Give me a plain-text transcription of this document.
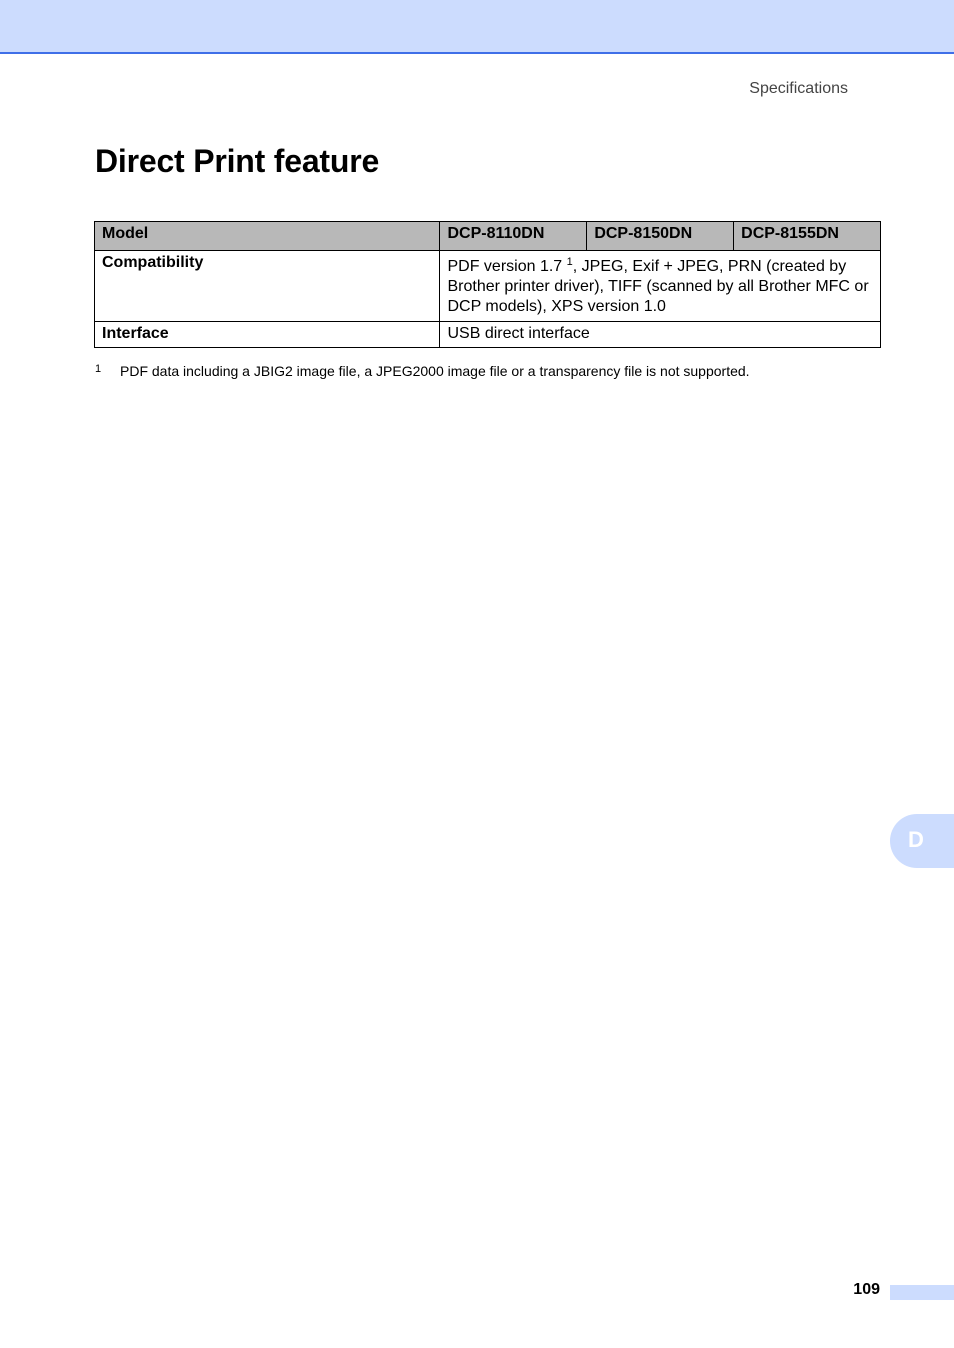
Specifications
Direct Print feature
Model	DCP-8110DN	DCP-8150DN	DCP-8155DN
Compatibility	PDF version 1.7 $^1$, JPEG, Exif + JPEG, PRN (created by Brother printer driver), TIFF (scanned by all Brother MFC or DCP models), XPS version 1.0		
Interface	USB direct interface		
1	PDF data including a JBIG2 image file, a JPEG2000 image file or a transparency file is not supported.
D
109
